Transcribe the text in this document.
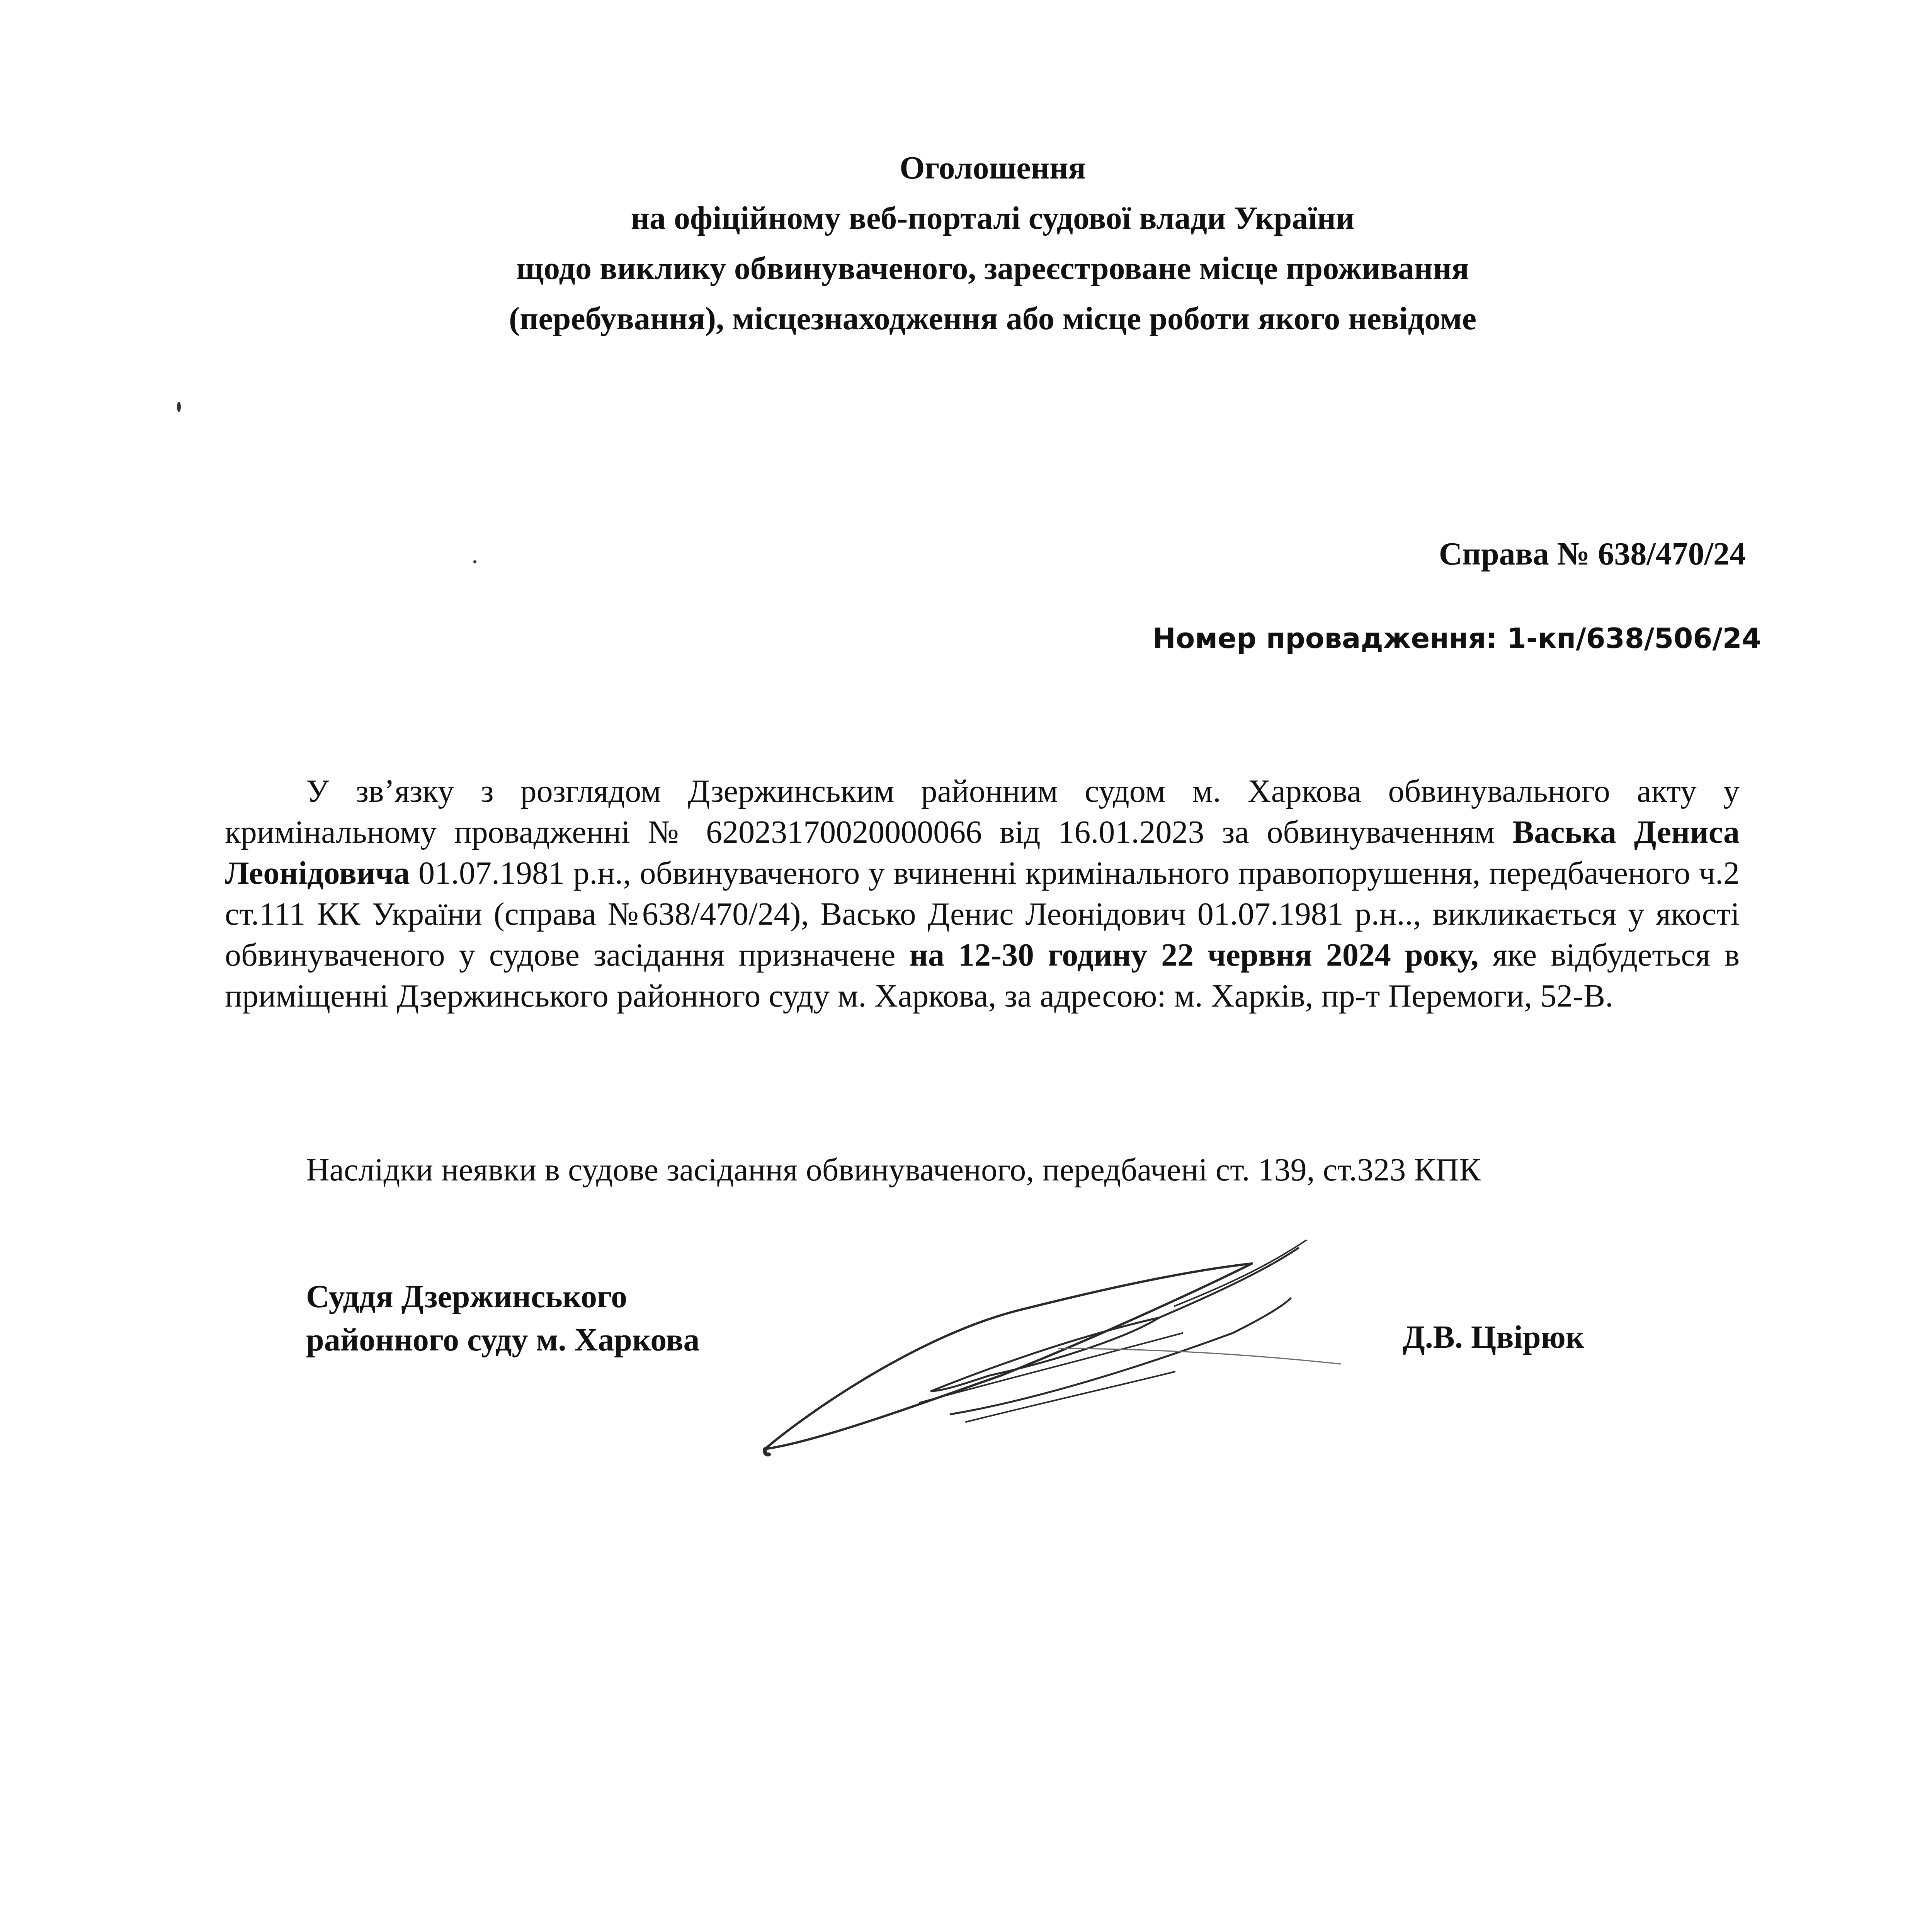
Оголошення

на офіційному веб-порталі судової влади України

щодо виклику обвинуваченого, зареєстроване місце проживання

(перебування), місцезнаходження або місце роботи якого невідоме

Справа № 638/470/24
Номер провадження: 1-кп/638/506/24

У зв’язку з розглядом Дзержинським районним судом м. Харкова обвинувального акту у кримінальному провадженні № 62023170020000066 від 16.01.2023 за обвинуваченням Васька Дениса Леонідовича 01.07.1981 р.н., обвинуваченого у вчиненні кримінального правопорушення, передбаченого ч.2 ст.111 КК України (справа №638/470/24), Васько Денис Леонідович 01.07.1981 р.н.., викликається у якості обвинуваченого у судове засідання призначене на 12-30 годину 22 червня 2024 року, яке відбудеться в приміщенні Дзержинського районного суду м. Харкова, за адресою: м. Харків, пр-т Перемоги, 52-В.

Наслідки неявки в судове засідання обвинуваченого, передбачені ст. 139, ст.323 КПК

Суддя Дзержинського
районного суду м. Харкова	Д.В. Цвірюк
